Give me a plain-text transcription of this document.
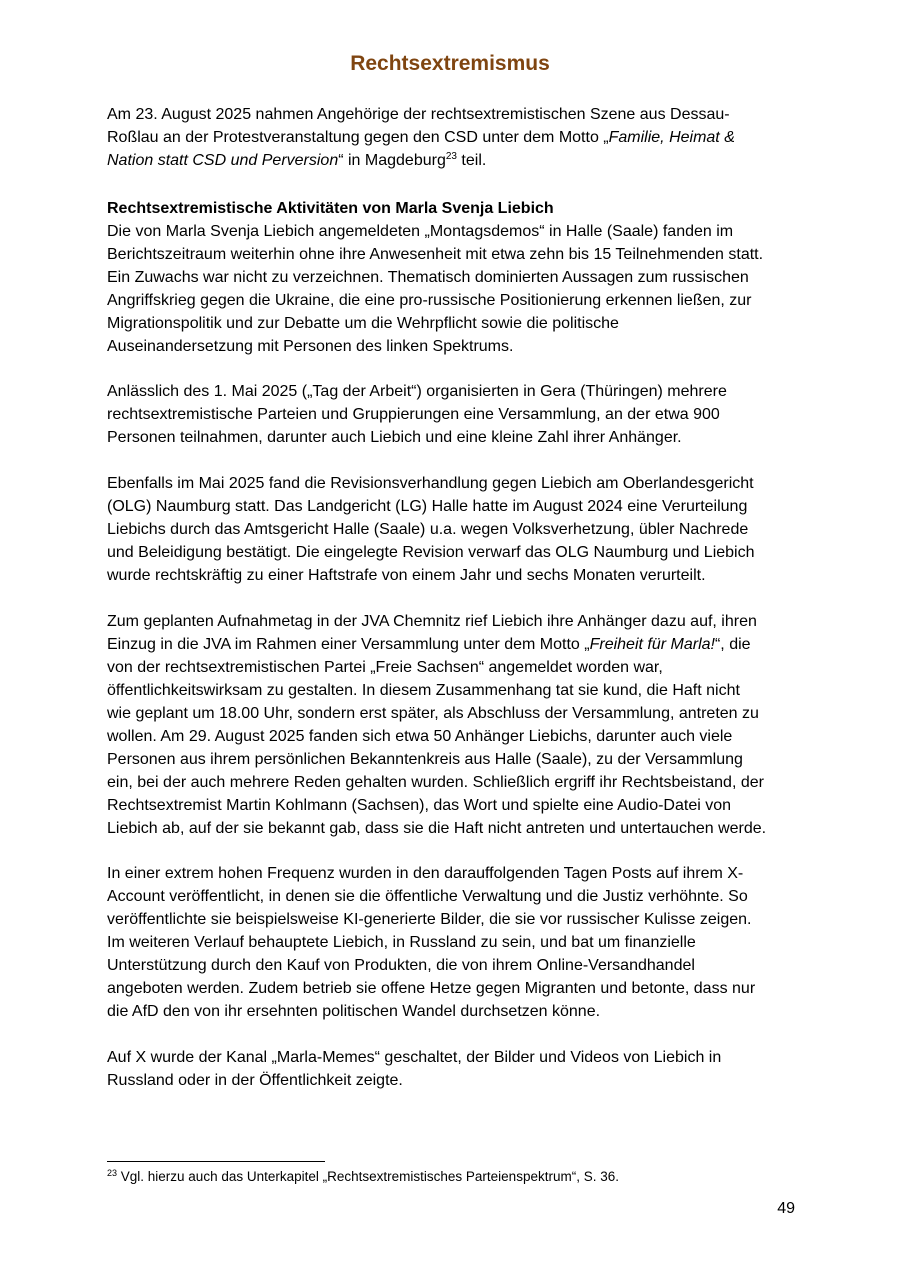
Rechtsextremismus

Am 23. August 2025 nahmen Angehörige der rechtsextremistischen Szene aus Dessau-

Roßlau an der Protestveranstaltung gegen den CSD unter dem Motto „Familie, Heimat &

Nation statt CSD und Perversion“ in Magdeburg$^{23}$ teil.

Rechtsextremistische Aktivitäten von Marla Svenja Liebich

Die von Marla Svenja Liebich angemeldeten „Montagsdemos“ in Halle (Saale) fanden im

Berichtszeitraum weiterhin ohne ihre Anwesenheit mit etwa zehn bis 15 Teilnehmenden statt.

Ein Zuwachs war nicht zu verzeichnen. Thematisch dominierten Aussagen zum russischen

Angriffskrieg gegen die Ukraine, die eine pro-russische Positionierung erkennen ließen, zur

Migrationspolitik und zur Debatte um die Wehrpflicht sowie die politische

Auseinandersetzung mit Personen des linken Spektrums.

Anlässlich des 1. Mai 2025 („Tag der Arbeit“) organisierten in Gera (Thüringen) mehrere

rechtsextremistische Parteien und Gruppierungen eine Versammlung, an der etwa 900

Personen teilnahmen, darunter auch Liebich und eine kleine Zahl ihrer Anhänger.

Ebenfalls im Mai 2025 fand die Revisionsverhandlung gegen Liebich am Oberlandesgericht

(OLG) Naumburg statt. Das Landgericht (LG) Halle hatte im August 2024 eine Verurteilung

Liebichs durch das Amtsgericht Halle (Saale) u.a. wegen Volksverhetzung, übler Nachrede

und Beleidigung bestätigt. Die eingelegte Revision verwarf das OLG Naumburg und Liebich

wurde rechtskräftig zu einer Haftstrafe von einem Jahr und sechs Monaten verurteilt.

Zum geplanten Aufnahmetag in der JVA Chemnitz rief Liebich ihre Anhänger dazu auf, ihren

Einzug in die JVA im Rahmen einer Versammlung unter dem Motto „Freiheit für Marla!“, die

von der rechtsextremistischen Partei „Freie Sachsen“ angemeldet worden war,

öffentlichkeitswirksam zu gestalten. In diesem Zusammenhang tat sie kund, die Haft nicht

wie geplant um 18.00 Uhr, sondern erst später, als Abschluss der Versammlung, antreten zu

wollen. Am 29. August 2025 fanden sich etwa 50 Anhänger Liebichs, darunter auch viele

Personen aus ihrem persönlichen Bekanntenkreis aus Halle (Saale), zu der Versammlung

ein, bei der auch mehrere Reden gehalten wurden. Schließlich ergriff ihr Rechtsbeistand, der

Rechtsextremist Martin Kohlmann (Sachsen), das Wort und spielte eine Audio-Datei von

Liebich ab, auf der sie bekannt gab, dass sie die Haft nicht antreten und untertauchen werde.

In einer extrem hohen Frequenz wurden in den darauffolgenden Tagen Posts auf ihrem X-

Account veröffentlicht, in denen sie die öffentliche Verwaltung und die Justiz verhöhnte. So

veröffentlichte sie beispielsweise KI-generierte Bilder, die sie vor russischer Kulisse zeigen.

Im weiteren Verlauf behauptete Liebich, in Russland zu sein, und bat um finanzielle

Unterstützung durch den Kauf von Produkten, die von ihrem Online-Versandhandel

angeboten werden. Zudem betrieb sie offene Hetze gegen Migranten und betonte, dass nur

die AfD den von ihr ersehnten politischen Wandel durchsetzen könne.

Auf X wurde der Kanal „Marla-Memes“ geschaltet, der Bilder und Videos von Liebich in

Russland oder in der Öffentlichkeit zeigte.

$^{23}$ Vgl. hierzu auch das Unterkapitel „Rechtsextremistisches Parteienspektrum“, S. 36.
49
